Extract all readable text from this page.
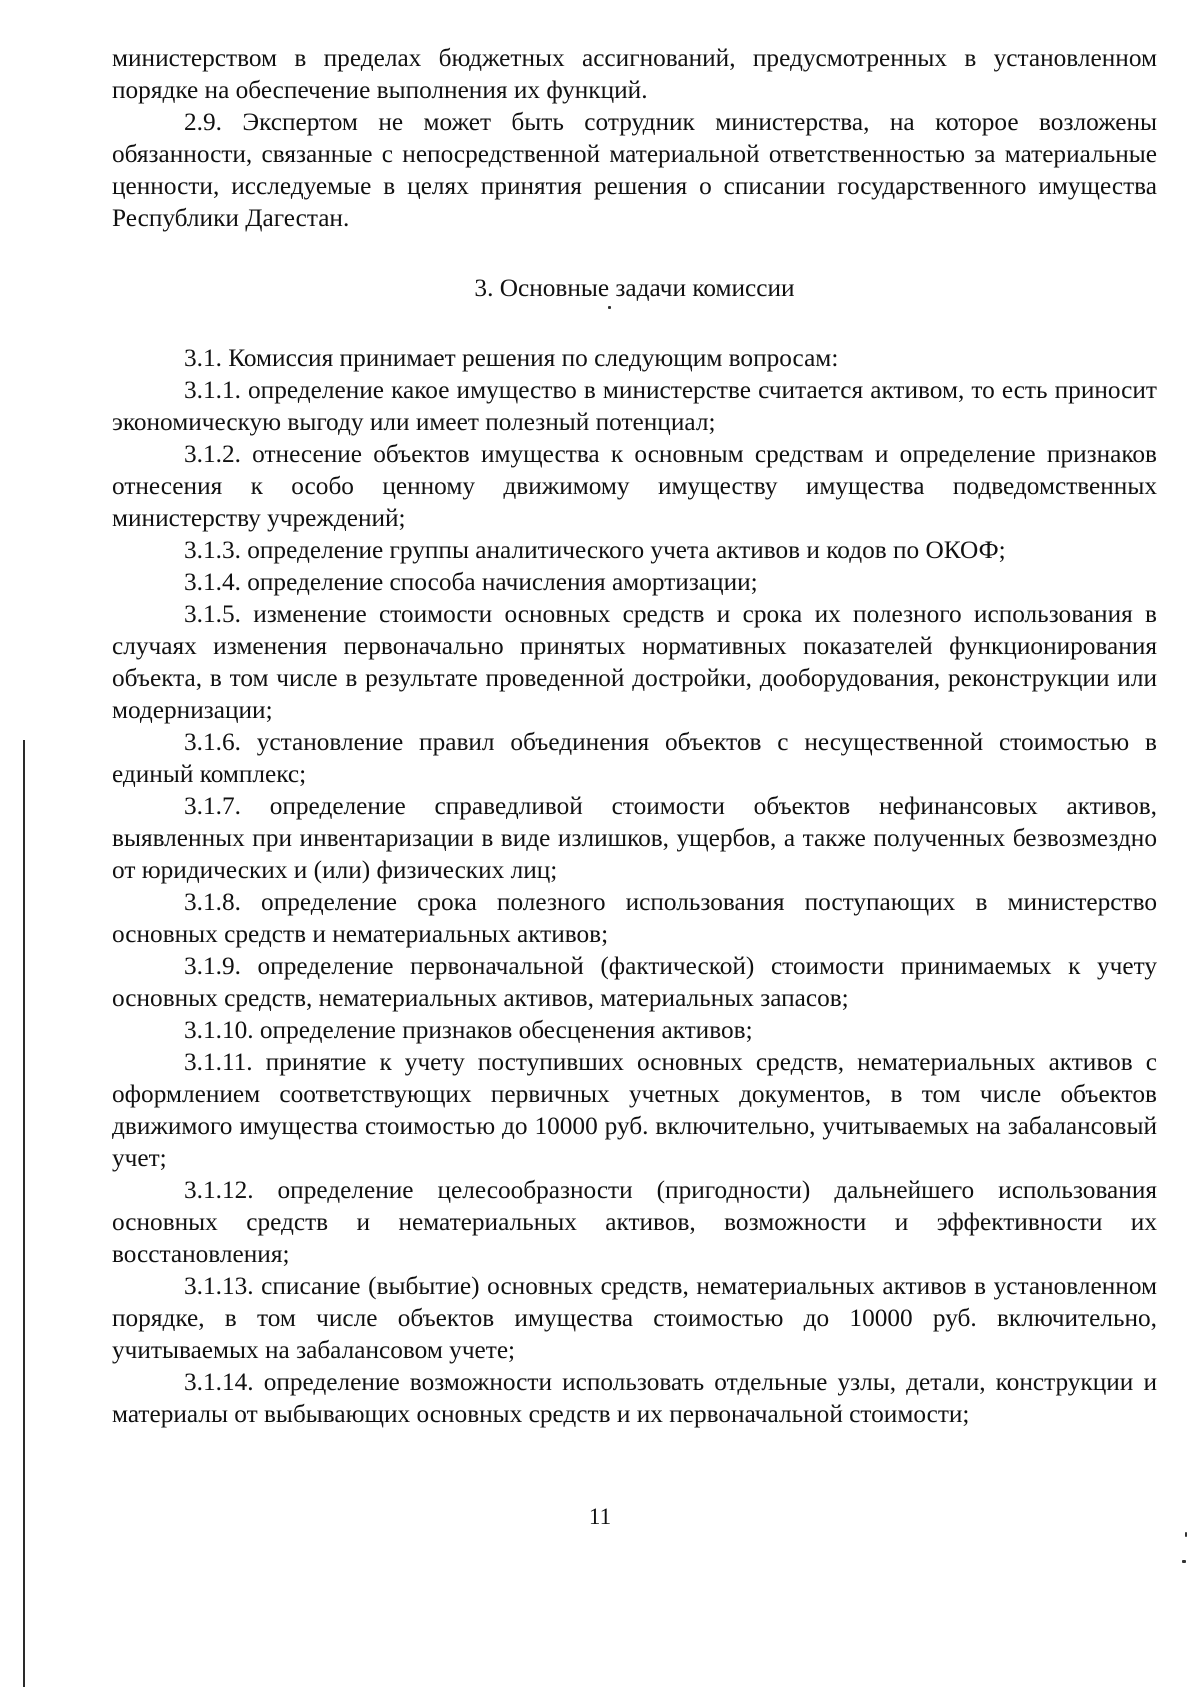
министерством в пределах бюджетных ассигнований, предусмотренных в установленном порядке на обеспечение выполнения их функций.

2.9. Экспертом не может быть сотрудник министерства, на которое возложены обязанности, связанные с непосредственной материальной ответственностью за материальные ценности, исследуемые в целях принятия решения о списании государственного имущества Республики Дагестан.

3. Основные задачи комиссии

3.1. Комиссия принимает решения по следующим вопросам:

3.1.1. определение какое имущество в министерстве считается активом, то есть приносит экономическую выгоду или имеет полезный потенциал;

3.1.2. отнесение объектов имущества к основным средствам и определение признаков отнесения к особо ценному движимому имуществу имущества подведомственных министерству учреждений;

3.1.3. определение группы аналитического учета активов и кодов по ОКОФ;

3.1.4. определение способа начисления амортизации;

3.1.5. изменение стоимости основных средств и срока их полезного использования в случаях изменения первоначально принятых нормативных показателей функционирования объекта, в том числе в результате проведенной достройки, дооборудования, реконструкции или модернизации;

3.1.6. установление правил объединения объектов с несущественной стоимостью в единый комплекс;

3.1.7. определение справедливой стоимости объектов нефинансовых активов, выявленных при инвентаризации в виде излишков, ущербов, а также полученных безвозмездно от юридических и (или) физических лиц;

3.1.8. определение срока полезного использования поступающих в министерство основных средств и нематериальных активов;

3.1.9. определение первоначальной (фактической) стоимости принимаемых к учету основных средств, нематериальных активов, материальных запасов;

3.1.10. определение признаков обесценения активов;

3.1.11. принятие к учету поступивших основных средств, нематериальных активов с оформлением соответствующих первичных учетных документов, в том числе объектов движимого имущества стоимостью до 10000 руб. включительно, учитываемых на забалансовый учет;

3.1.12. определение целесообразности (пригодности) дальнейшего использования основных средств и нематериальных активов, возможности и эффективности их восстановления;

3.1.13. списание (выбытие) основных средств, нематериальных активов в установленном порядке, в том числе объектов имущества стоимостью до 10000 руб. включительно, учитываемых на забалансовом учете;

3.1.14. определение возможности использовать отдельные узлы, детали, конструкции и материалы от выбывающих основных средств и их первоначальной стоимости;

11
